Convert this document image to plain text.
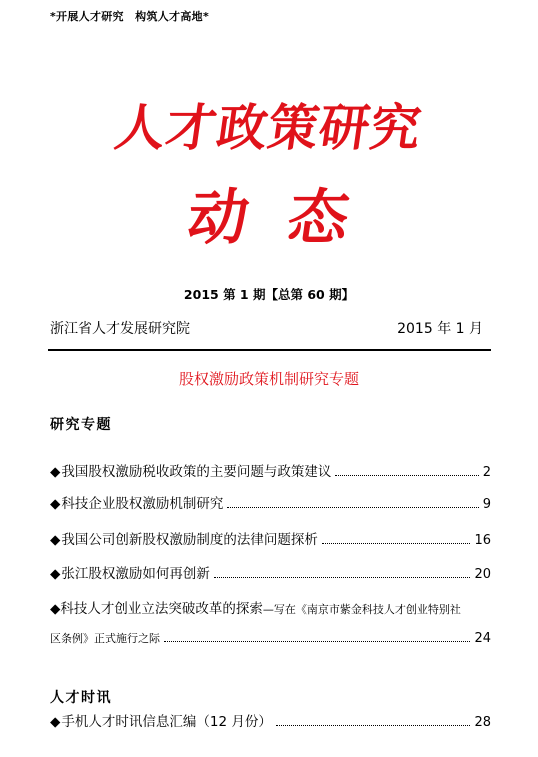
*开展人才研究　构筑人才高地*
人才政策研究
动态
2015 第 1 期【总第 60 期】
浙江省人才发展研究院	2015 年 1 月
股权激励政策机制研究专题
研究专题
◆ 我国股权激励税收政策的主要问题与政策建议	2
◆ 科技企业股权激励机制研究	9
◆ 我国公司创新股权激励制度的法律问题探析	16
◆ 张江股权激励如何再创新	20
◆科技人才创业立法突破改革的探索—写在《南京市紫金科技人才创业特别社
区条例》正式施行之际	24
人才时讯
◆ 手机人才时讯信息汇编（12 月份）	28
